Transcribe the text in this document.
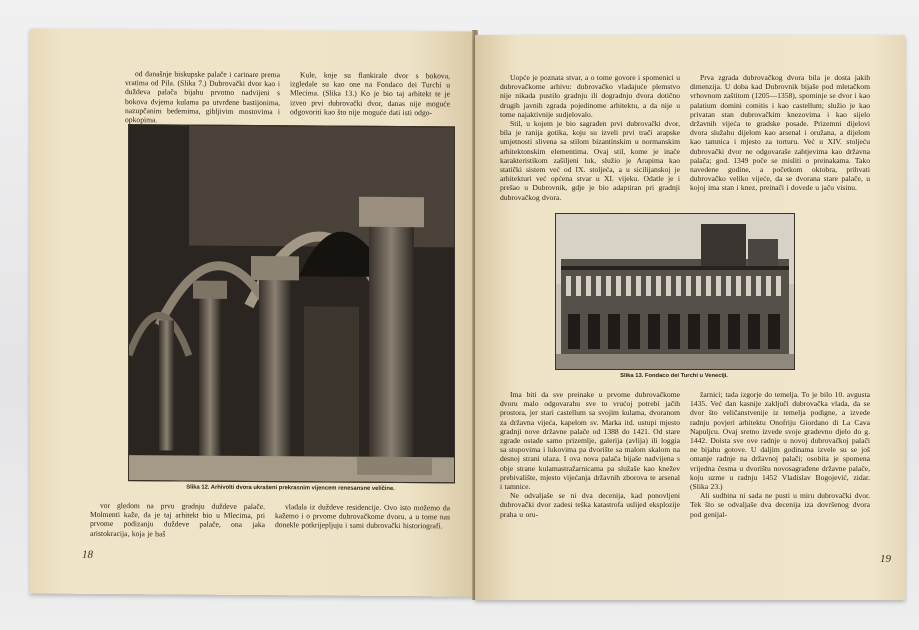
od današnje biskupske palače i carinare prema vratima od Pila. (Slika 7.) Dubrovački dvor kao i duždeva palača bijahu prvotno nadvijeni s bokova dvjema kulama pa utvrđene bastijonima, nazupčanim bedemima, gibljivim mostovima i opkopima.

Kule, koje su flankirale dvor s bokova, izgledale su kao one na Fondaco dei Turchi u Mlecima. (Slika 13.) Ko je bio taj arhitekt te je izveo prvi dubrovački dvor, danas nije moguće odgovoriti kao što nije moguće dati isti odgo-

Slika 12. Arhivolti dvora ukrašeni prekrasnim vijencem renesansne veličine.

vor gledom na prvu gradnju duždeve palače. Molmenti kaže, da je taj arhitekt bio u Mlecima, pri prvome podizanju duždeve palače, ona jaka aristokracija, koja je baš

vladala iz duždeve residencije. Ovo isto možemo da kažemo i o prvome dubrovačkome dvoru, a u tome nas donekle potkrijepljuju i sami dubrovački historiografi.

18

Uopće je poznata stvar, a o tome govore i spomenici u dubrovačkome arhivu: dubrovačko vladajuće plemstvo nije nikada pustilo gradnju ili dogradnju dvora dotično drugih javnih zgrada pojedinome arhitektu, a da nije u tome najaktivnije sudjelovalo.

Stil, u kojem je bio sagrađen prvi dubrovački dvor, bila je ranija gotika, koju su izveli prvi trači arapske umjetnosti slivena sa stilom bizantinskim u normanskim arhitektonskim elementima. Ovaj stil, kome je inače karakteristikom zašiljeni luk, služio je Arapima kao statički sistem već od IX. stoljeća, a u sicilijanskoj je arhitekturi već općena stvar u XI. vijeku. Odatle je i prešao u Dubrovnik, gdje je bio adaptiran pri gradnji dubrovačkog dvora.

Prva zgrada dubrovačkog dvora bila je dosta jakih dimenzija. U doba kad Dubrovnik bijaše pod mletačkom vrhovnom zaštitom (1205—1358), spominje se dvor i kao palatium domini comitis i kao castellum; služio je kao privatan stan dubrovačkim knezovima i kao sijelo državnih vijeća te gradske posade. Prizemni dijelovi dvora služahu dijelom kao arsenal i oružana, a dijelom kao tamnica i mjesto za torturu. Već u XIV. stoljeću dubrovački dvor ne odgovaraše zahtjevima kao državna palača; god. 1349 poče se misliti o preinakama. Tako navedene godine, a početkom oktobra, prihvati dubrovačko veliko vijeće, da se dvorana stare palače, u kojoj ima stan i knez, preinači i dovede u jaču visinu.

Slika 13. Fondaco dei Turchi u Veneciji.

Ima biti da sve preinake u prvome dubrovačkome dvoru malo odgovarahu sve to vrućoj potrebi jačih prostora, jer stari castellum sa svojim kulama, dvoranom za državna vijeća, kapelom sv. Marka itd. ustupi mjesto gradnji nove državne palače od 1388 do 1421. Od stare zgrade ostade samo prizemlje, galerija (avlija) ili loggia sa stupovima i lukovima pa dvorište sa malom skalom na desnoj strani ulaza. I ova nova palača bijaše nadvijena s obje strane kulamastražarnicama pa služaše kao knežev prebivalište, mjesto vijećanja državnih zborova te arsenal i tamnice.

Ne odvaljaše se ni dva decenija, kad ponovljeni dubrovački dvor zadesi teška katastrofa uslijed eksplozije praha u oru-

žarnici; tada izgorje do temelja. To je bilo 10. avgusta 1435. Već dan kasnije zaključi dubrovačka vlada, da se dvor što veličanstvenije iz temelja podigne, a izvede radnju povjeri arhitektu Onofriju Giordano di La Cava Napuljcu. Ovaj sretno izvede svoje gradevno djelo do g. 1442. Doista sve ove radnje u novoj dubrovačkoj palači ne bijahu gotove. U daljim godinama izvele su se još omanje radnje na državnoj palači; osobita je spomena vrijedna česma u dvorištu novosagrađene državne palače, koju uzme u radnju 1452 Vladislav Bogojević, zidar. (Slika 23.)

Ali sudbina ni sada ne pusti u miru dubrovački dvor. Tek što se odvaljaše dva decenija iza dovršenog dvora pod genijal-

19
